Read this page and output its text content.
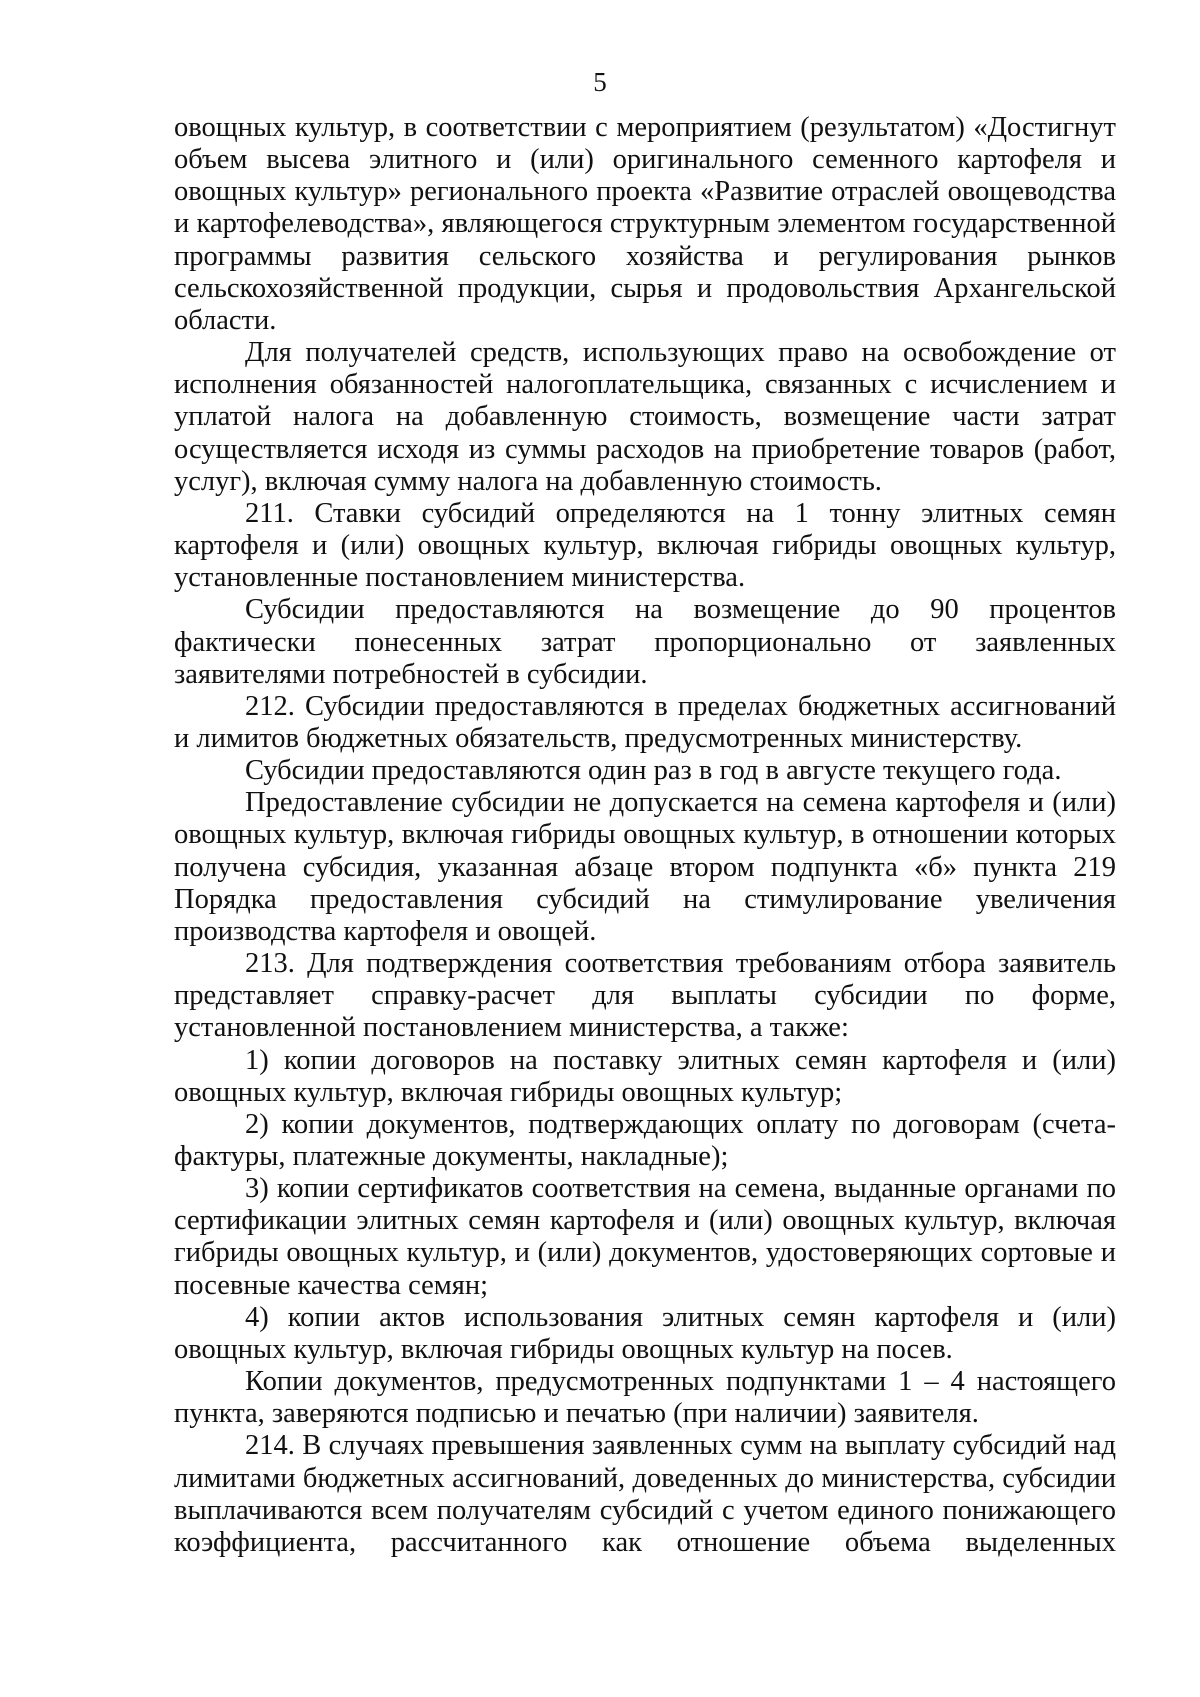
5

овощных культур, в соответствии с мероприятием (результатом) «Достигнут объем высева элитного и (или) оригинального семенного картофеля и овощных культур» регионального проекта «Развитие отраслей овощеводства и картофелеводства», являющегося структурным элементом государственной программы развития сельского хозяйства и регулирования рынков сельскохозяйственной продукции, сырья и продовольствия Архангельской области.

Для получателей средств, использующих право на освобождение от исполнения обязанностей налогоплательщика, связанных с исчислением и уплатой налога на добавленную стоимость, возмещение части затрат осуществляется исходя из суммы расходов на приобретение товаров (работ, услуг), включая сумму налога на добавленную стоимость.

211. Ставки субсидий определяются на 1 тонну элитных семян картофеля и (или) овощных культур, включая гибриды овощных культур, установленные постановлением министерства.

Субсидии предоставляются на возмещение до 90 процентов фактически понесенных затрат пропорционально от заявленных заявителями потребностей в субсидии.

212. Субсидии предоставляются в пределах бюджетных ассигнований и лимитов бюджетных обязательств, предусмотренных министерству.

Субсидии предоставляются один раз в год в августе текущего года.

Предоставление субсидии не допускается на семена картофеля и (или) овощных культур, включая гибриды овощных культур, в отношении которых получена субсидия, указанная абзаце втором подпункта «б» пункта 219 Порядка предоставления субсидий на стимулирование увеличения производства картофеля и овощей.

213. Для подтверждения соответствия требованиям отбора заявитель представляет справку-расчет для выплаты субсидии по форме, установленной постановлением министерства, а также:

1) копии договоров на поставку элитных семян картофеля и (или) овощных культур, включая гибриды овощных культур;

2) копии документов, подтверждающих оплату по договорам (счета-фактуры, платежные документы, накладные);

3) копии сертификатов соответствия на семена, выданные органами по сертификации элитных семян картофеля и (или) овощных культур, включая гибриды овощных культур, и (или) документов, удостоверяющих сортовые и посевные качества семян;

4) копии актов использования элитных семян картофеля и (или) овощных культур, включая гибриды овощных культур на посев.

Копии документов, предусмотренных подпунктами 1 – 4 настоящего пункта, заверяются подписью и печатью (при наличии) заявителя.

214. В случаях превышения заявленных сумм на выплату субсидий над лимитами бюджетных ассигнований, доведенных до министерства, субсидии выплачиваются всем получателям субсидий с учетом единого понижающего коэффициента, рассчитанного как отношение объема выделенных
